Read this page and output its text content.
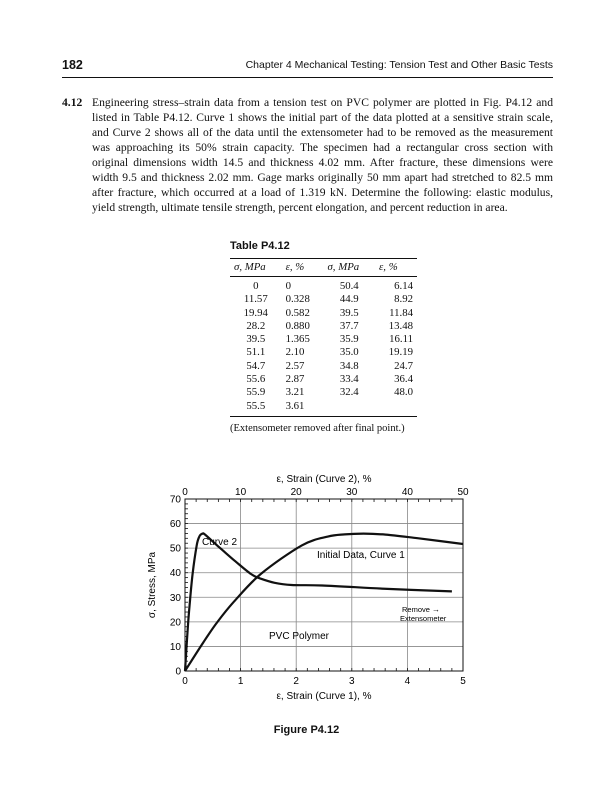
182	Chapter 4 Mechanical Testing: Tension Test and Other Basic Tests
4.12 Engineering stress–strain data from a tension test on PVC polymer are plotted in Fig. P4.12 and listed in Table P4.12. Curve 1 shows the initial part of the data plotted at a sensitive strain scale, and Curve 2 shows all of the data until the extensometer had to be removed as the measurement was approaching its 50% strain capacity. The specimen had a rectangular cross section with original dimensions width 14.5 and thickness 4.02 mm. After fracture, these dimensions were width 9.5 and thickness 2.02 mm. Gage marks originally 50 mm apart had stretched to 82.5 mm after fracture, which occurred at a load of 1.319 kN. Determine the following: elastic modulus, yield strength, ultimate tensile strength, percent elongation, and percent reduction in area.
Table P4.12
σ, MPa	ε, %	σ, MPa	ε, %
0	0	50.4	6.14
11.57	0.328	44.9	8.92
19.94	0.582	39.5	11.84
28.2	0.880	37.7	13.48
39.5	1.365	35.9	16.11
51.1	2.10	35.0	19.19
54.7	2.57	34.8	24.7
55.6	2.87	33.4	36.4
55.9	3.21	32.4	48.0
55.5	3.61		
(Extensometer removed after final point.)
0	1	2	3	4	5
0	10	20	30	40	50
0
10
20
30
40
50
60
70
ε, Strain (Curve 2), %
ε, Strain (Curve 1), %
σ, Stress, MPa
Curve 2
Initial Data, Curve 1
PVC Polymer
Remove →
Extensometer
Figure P4.12
